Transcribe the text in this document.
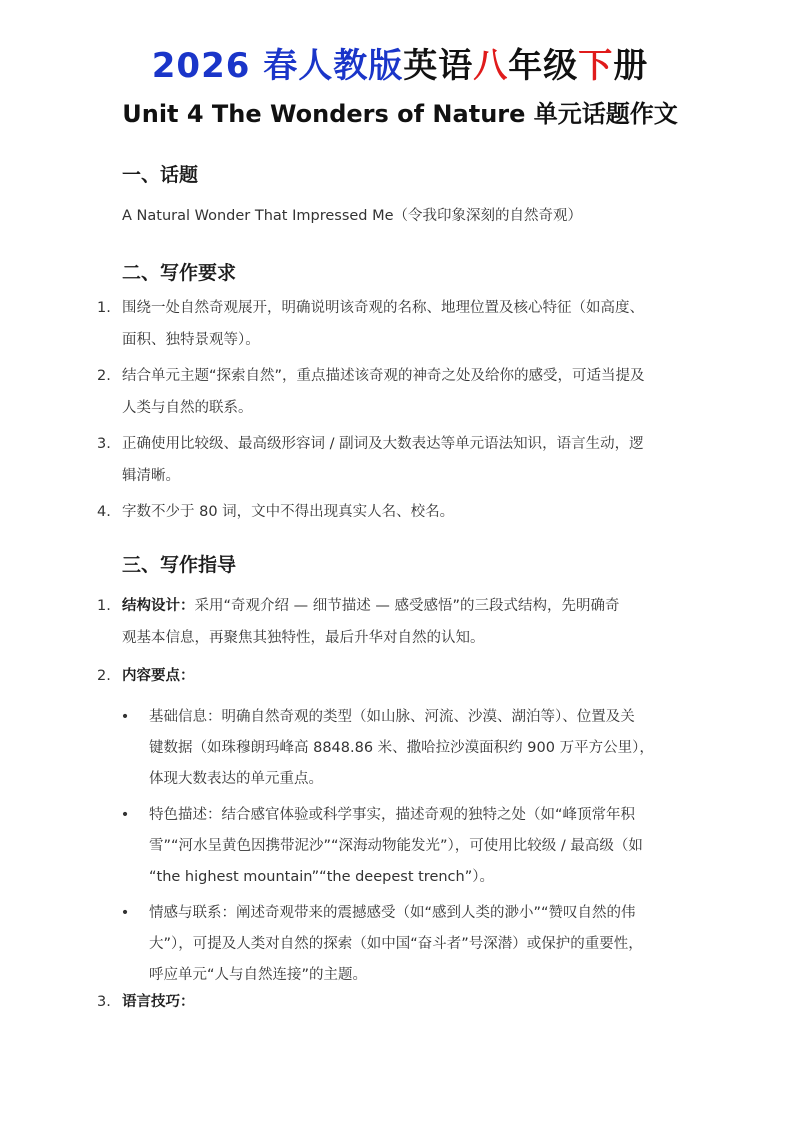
2026 春人教版英语八年级下册
Unit 4 The Wonders of Nature 单元话题作文
一、话题
A Natural Wonder That Impressed Me（令我印象深刻的自然奇观）
二、写作要求
1. 围绕一处自然奇观展开，明确说明该奇观的名称、地理位置及核心特征（如高度、
面积、独特景观等）。
2. 结合单元主题“探索自然”，重点描述该奇观的神奇之处及给你的感受，可适当提及
人类与自然的联系。
3. 正确使用比较级、最高级形容词 / 副词及大数表达等单元语法知识，语言生动，逻
辑清晰。
4. 字数不少于 80 词，文中不得出现真实人名、校名。
三、写作指导
1. 结构设计：采用“奇观介绍 — 细节描述 — 感受感悟”的三段式结构，先明确奇
观基本信息，再聚焦其独特性，最后升华对自然的认知。
2. 内容要点：
3. 语言技巧：
• 基础信息：明确自然奇观的类型（如山脉、河流、沙漠、湖泊等）、位置及关
键数据（如珠穆朗玛峰高 8848.86 米、撒哈拉沙漠面积约 900 万平方公里），
体现大数表达的单元重点。
• 特色描述：结合感官体验或科学事实，描述奇观的独特之处（如“峰顶常年积
雪”“河水呈黄色因携带泥沙”“深海动物能发光”），可使用比较级 / 最高级（如
“the highest mountain”“the deepest trench”）。
• 情感与联系：阐述奇观带来的震撼感受（如“感到人类的渺小”“赞叹自然的伟
大”），可提及人类对自然的探索（如中国“奋斗者”号深潜）或保护的重要性，
呼应单元“人与自然连接”的主题。
